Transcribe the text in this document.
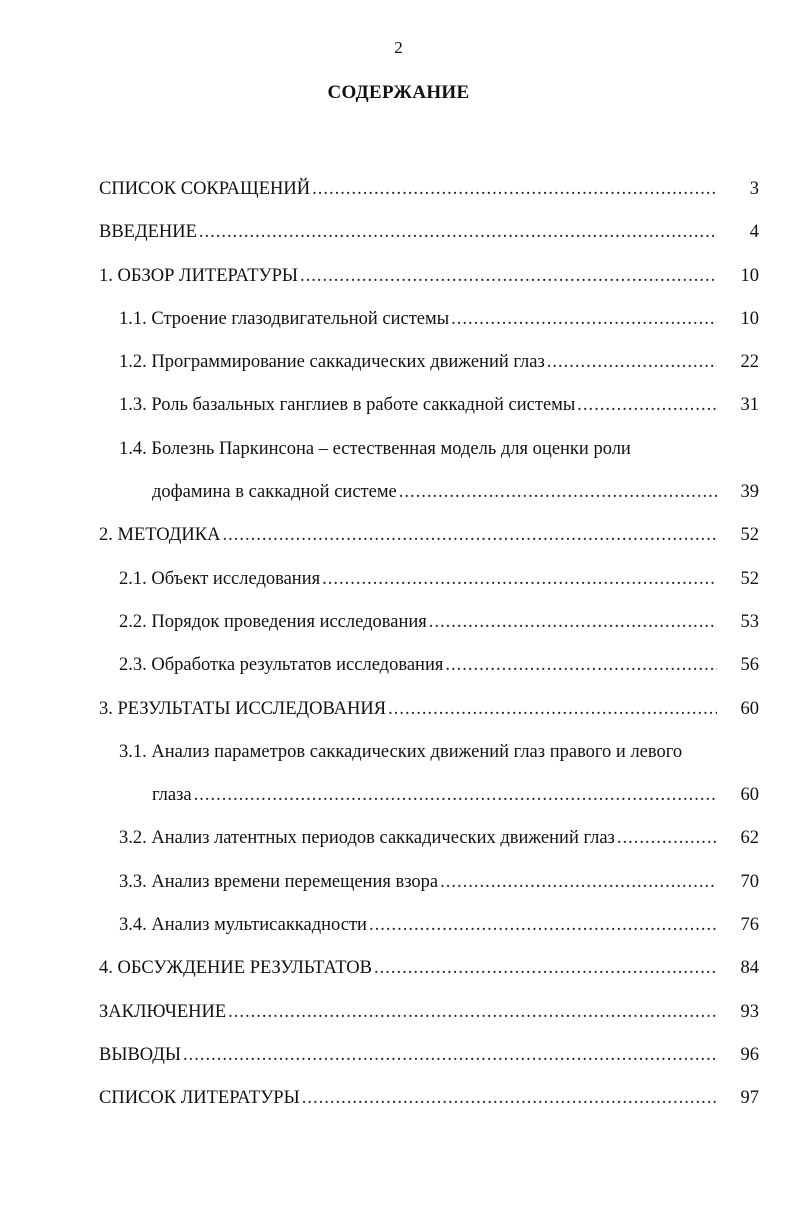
2
СОДЕРЖАНИЕ
СПИСОК СОКРАЩЕНИЙ .....	3
ВВЕДЕНИЕ .....	4
1. ОБЗОР ЛИТЕРАТУРЫ .....	10
1.1. Строение глазодвигательной системы .....	10
1.2. Программирование саккадических движений глаз .....	22
1.3. Роль базальных ганглиев в работе саккадной системы .....	31
1.4. Болезнь Паркинсона – естественная модель для оценки роли
дофамина в саккадной системе .....	39
2. МЕТОДИКА .....	52
2.1. Объект исследования .....	52
2.2. Порядок проведения исследования .....	53
2.3. Обработка результатов исследования .....	56
3. РЕЗУЛЬТАТЫ ИССЛЕДОВАНИЯ .....	60
3.1. Анализ параметров саккадических движений глаз правого и левого
глаза .....	60
3.2. Анализ латентных периодов саккадических движений глаз .....	62
3.3. Анализ времени перемещения взора .....	70
3.4. Анализ мультисаккадности .....	76
4. ОБСУЖДЕНИЕ РЕЗУЛЬТАТОВ .....	84
ЗАКЛЮЧЕНИЕ .....	93
ВЫВОДЫ .....	96
СПИСОК ЛИТЕРАТУРЫ .....	97
